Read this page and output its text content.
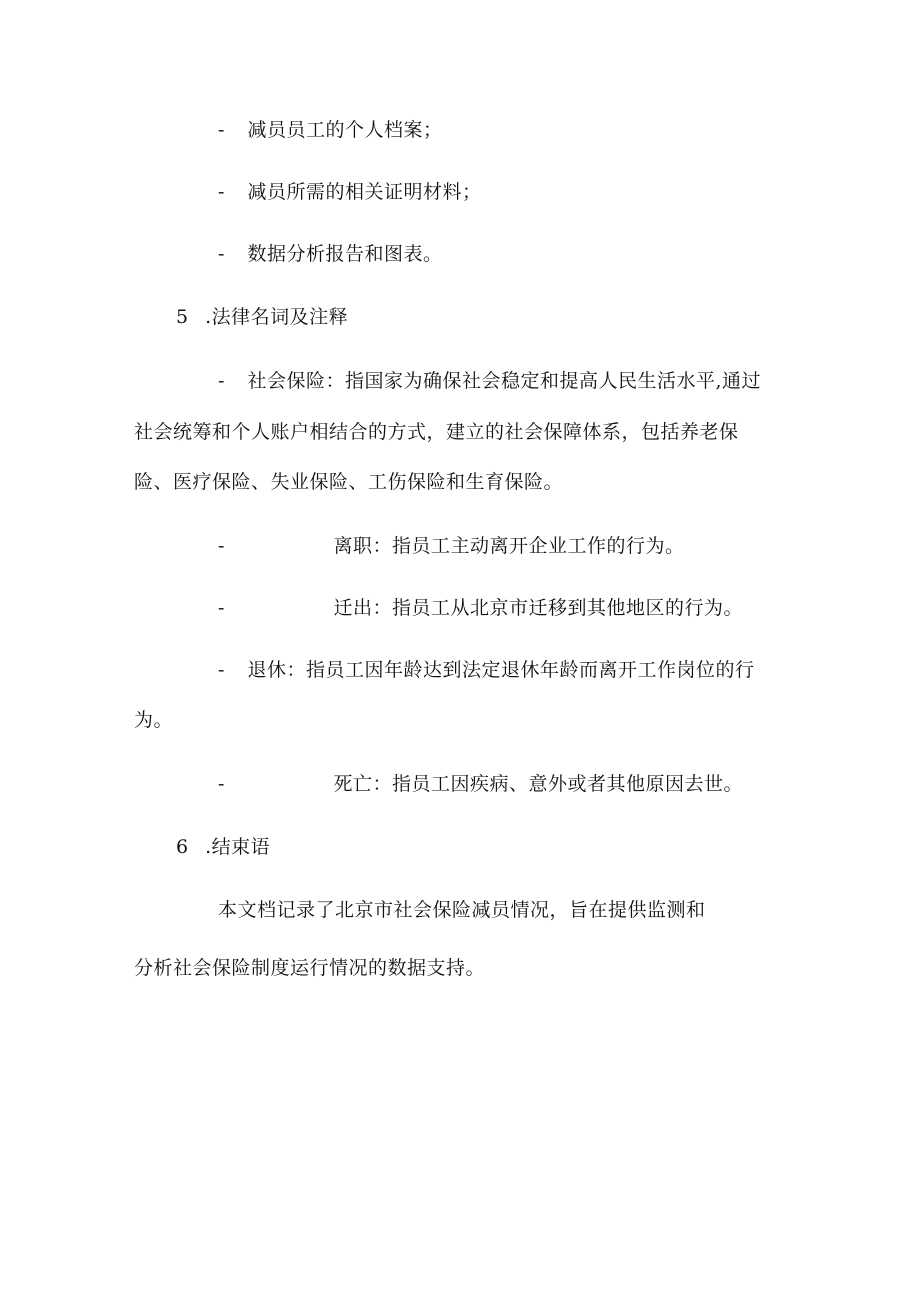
- 减员员工的个人档案；
- 减员所需的相关证明材料；
- 数据分析报告和图表。
5 .法律名词及注释
- 社会保险：指国家为确保社会稳定和提高人民生活水平,通过
社会统筹和个人账户相结合的方式，建立的社会保障体系，包括养老保
险、医疗保险、失业保险、工伤保险和生育保险。
-	离职：指员工主动离开企业工作的行为。
-	迁出：指员工从北京市迁移到其他地区的行为。
- 退休：指员工因年龄达到法定退休年龄而离开工作岗位的行
为。
-	死亡：指员工因疾病、意外或者其他原因去世。
6 .结束语
本文档记录了北京市社会保险减员情况，旨在提供监测和
分析社会保险制度运行情况的数据支持。
